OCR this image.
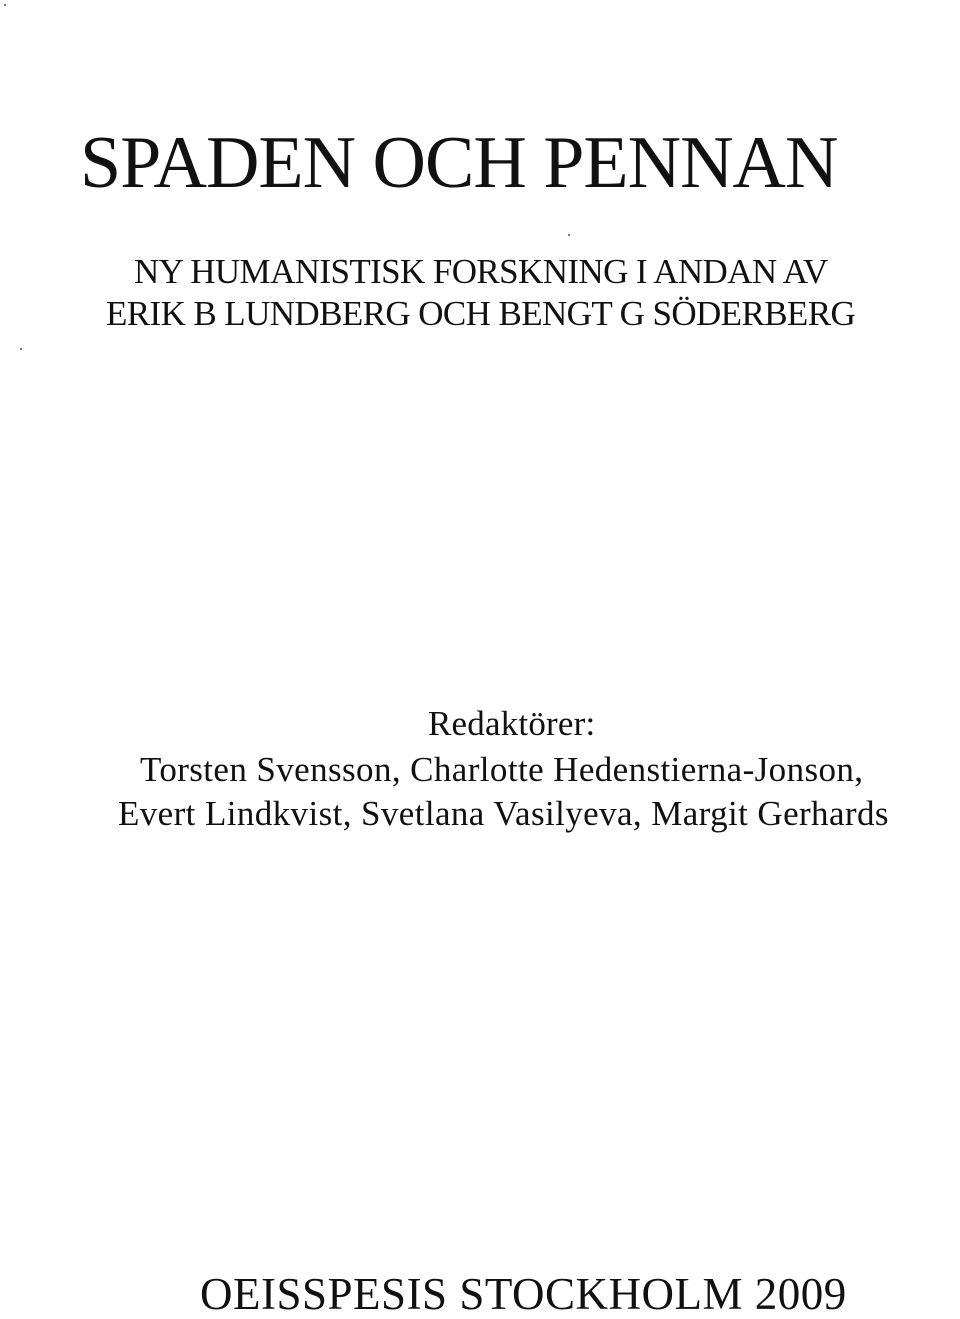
SPADEN OCH PENNAN
NY HUMANISTISK FORSKNING I ANDAN AV
ERIK B LUNDBERG OCH BENGT G SÖDERBERG
Redaktörer:
Torsten Svensson, Charlotte Hedenstierna-Jonson,
Evert Lindkvist, Svetlana Vasilyeva, Margit Gerhards
OEISSPESIS STOCKHOLM 2009
